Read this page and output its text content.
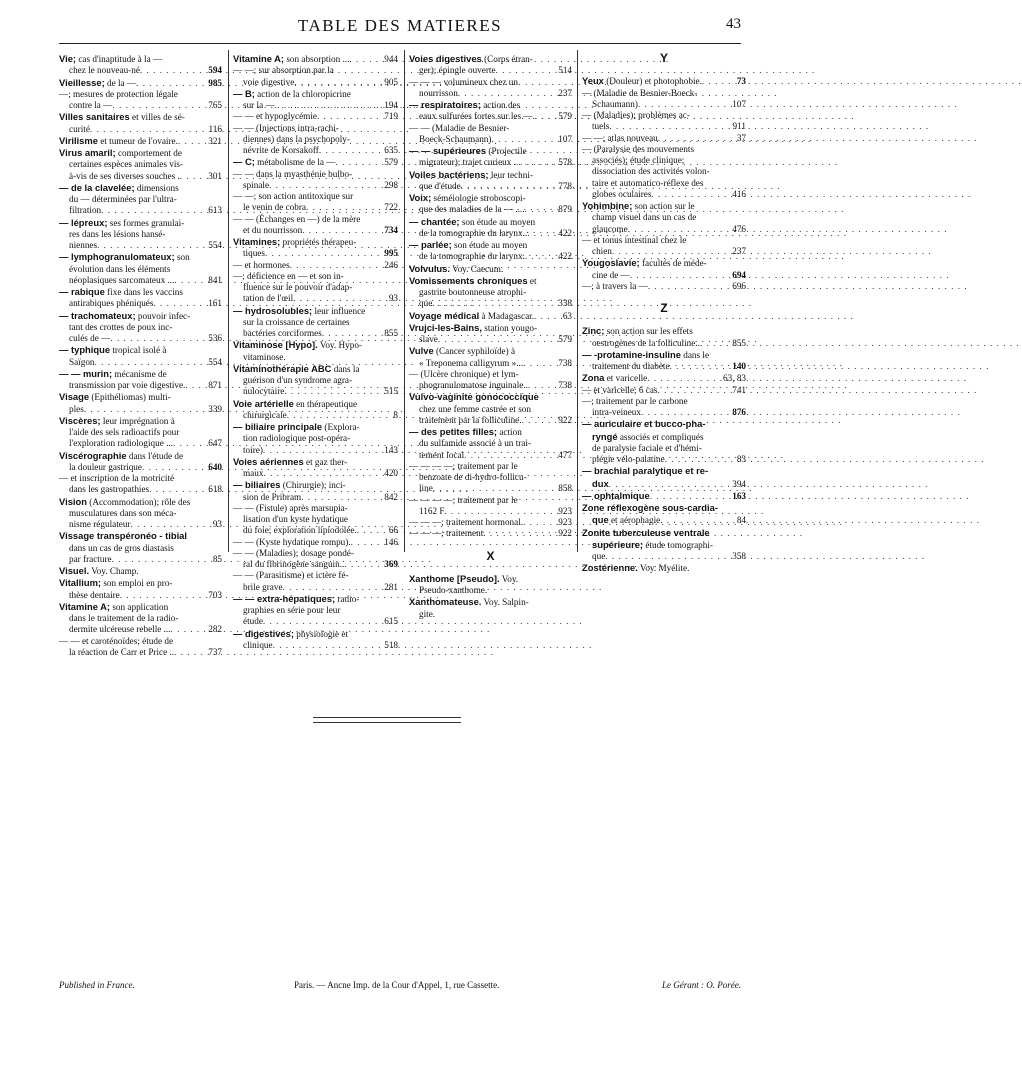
TABLE DES MATIERES	43
Vie; cas d'inaptitude à la —
chez le nouveau-né . . .	594
Vieillesse; de la — . . .	985
—; mesures de protection légale
contre la — . . .	765
Villes sanitaires et villes de sé-
curité . . .	116
Virilisme et tumeur de l'ovaire. . . .	321
Virus amaril; comportement de
certaines espèces animales vis-
à-vis de ses diverses souches . . . .	301
— de la clavelée; dimensions
du — déterminées par l'ultra-
filtration . . .	613
— lépreux; ses formes granulai-
res dans les lésions hansé-
niennes . . .	554
— lymphogranulomateux; son
évolution dans les éléments
néoplasiques sarcomateux ... . . .	841
— rabique fixe dans les vaccins
antirabiques phéniqués . . .	161
— trachomateux; pouvoir infec-
tant des crottes de poux inc-
culés de — . . .	536
— typhique tropical isolé à
Saïgon . . .	554
— — murin; mécanisme de
transmission par voie digestive. . . .	871
Visage (Epithéliomas) multi-
ples . . .	339
Viscères; leur imprégnation à
l'aide des sels radioactifs pour
l'exploration radiologique ... . . .	647
Viscérographie dans l'étude de
la douleur gastrique . . .	640
— et inscription de la motricité
dans les gastropathies . . .	618
Vision (Accommodation); rôle des
musculatures dans son méca-
nisme régulateur . . .	93
Vissage transpéronéo - tibial
dans un cas de gros diastasis
par fracture . . .	85
Visuel. Voy. Champ.
Vitallium; son emploi en pro-
thèse dentaire . . .	703
Vitamine A; son application
dans le traitement de la radio-
dermite ulcéreuse rebelle ... . . .	282
— — et caroténoïdes; étude de
la réaction de Carr et Price .. . . .	737
Vitamine A; son absorption ... . . .	944
— —; sur absorption par la
voie digestive . . .	905
— B; action de la chloropicrine
sur la — . . .	194
— — et hypoglycémie . . .	719
— — (Injections intra-rachi-
diennes) dans la psychopoly-
névrite de Korsakoff . . .	635
— C; métabolisme de la — . . .	579
— — dans la myasthénie bulbo-
spinale . . .	298
— —; son action antitoxique sur
le venin de cobra . . .	722
— — (Échanges en —) de la mère
et du nourrisson . . .	734
Vitamines; propriétés thérapeu-
tiques . . .	995
— et hormones . . .	246
—; déficience en — et son in-
fluence sur le pouvoir d'adap-
tation de l'œil . . .	93
— hydrosolubles; leur influence
sur la croissance de certaines
bactéries corciformes . . .	855
Vitaminose [Hypo]. Voy. Hypo-
vitaminose.
Vitaminothérapie ABC dans la
guérison d'un syndrome agra-
nulocytaire . . .	515
Voie artérielle en thérapeutique
chirurgicale . . .	8
— biliaire principale (Explora-
tion radiologique post-opéra-
toire) . . .	143
Voies aériennes et gaz ther-
maux . . .	420
— biliaires (Chirurgie); inci-
sion de Pribram . . .	842
— — (Fistule) après marsupia-
lisation d'un kyste hydatique
du foie; exploration lipiodolée. . . .	66
— — (Kyste hydatique rompu). . . .	146
— — (Maladies); dosage pondé-
ral du fibrinogène sanguin.. . . .	369
— — (Parasitisme) et ictère fé-
brile grave . . .	281
— — extra-hépatiques; radio-
graphies en série pour leur
étude . . .	615
— digestives; physiologie et
clinique . . .	518
Voies digestives (Corps étran-
ger); épingle ouverte . . .	514
— — — volumineux chez un
nourrisson . . .	237
— respiratoires; action des
eaux sulfurées fortes sur les —. . . .	579
— — (Maladie de Besnier-
Boeck-Schaumann) . . .	107
— — supérieures (Projectile
migrateur); trajet curieux .. . . .	578
Voiles bactériens; leur techni-
que d'étude . . .	778
Voix; séméiologie stroboscopi-
que des maladies de la — .... . . .	879
— chantée; son étude au moyen
de la tomographie du larynx.. . . .	422
— parlée; son étude au moyen
de la tomographie du larynx. . . .	422
Volvulus. Voy. Caecum.
Vomissements chroniques et
gastrite boutonneuse atrophi-
que . . .	338
Voyage médical à Madagascar. . . .	63
Vrujci-les-Bains, station yougo-
slave . . .	579
Vulve (Cancer syphiloïde) à
« Treponema calligyrum »... . . .	738
— (Ulcère chronique) et lym-
phogranulomatose inguinale.. . . .	738
Vulvo-vaginite gonococcique
chez une femme castrée et son
traitement par la folliculine. . . .	922
— des petites filles; action
du sulfamide associé à un trai-
tement local . . .	477
— — — —; traitement par le
benzoate de di-hydro-follicu-
line . . .	858
— — — —; traitement par le
1162 F . . .	923
— — —; traitement hormonal. . . .	923
— — —; traitement . . .	922
X
Xanthome [Pseudo]. Voy.
Pseudo-xanthome.
Xanthomateuse. Voy. Salpin-
gite.
Y
Yeux (Douleur) et photophobie. . . .	73
— (Maladie de Besnier-Boeck-
Schaumann) . . .	107
— (Maladies); problèmes ac-
tuels . . .	911
— —; atlas nouveau . . .	37
— (Paralysie des mouvements
associés); étude clinique;
dissociation des activités volon-
taire et automatico-réflexe des
globes oculaires . . .	416
Yohimbine; son action sur le
champ visuel dans un cas de
glaucome . . .	476
— et tonus intestinal chez le
chien . . .	237
Yougoslavie; facultés de méde-
cine de — . . .	694
—; à travers la — . . .	696
Z
Zinc; son action sur les effets
oestrogènes de la folliculine.. . . .	855
— -protamine-insuline dans le
traitement du diabète . . .	140
Zona et varicelle . . .	63, 83
— et varicelle; 6 cas . . .	741
—; traitement par le carbone
intra-veineux . . .	876
— auriculaire et bucco-pha-
ryngé associés et compliqués
de paralysie faciale et d'hémi-
plégie vélo-palatine . . .	83
— brachial paralytique et re-
dux . . .	394
— ophtalmique . . .	163
Zone réflexogène sous-cardia-
que et aérophagie . . .	84
Zonite tuberculeuse ventrale
supérieure; étude tomographi-
que . . .	358
Zostérienne. Voy. Myélite.
Published in France.	Paris. — Ancne Imp. de la Cour d'Appel, 1, rue Cassette.	Le Gérant : O. Porée.
